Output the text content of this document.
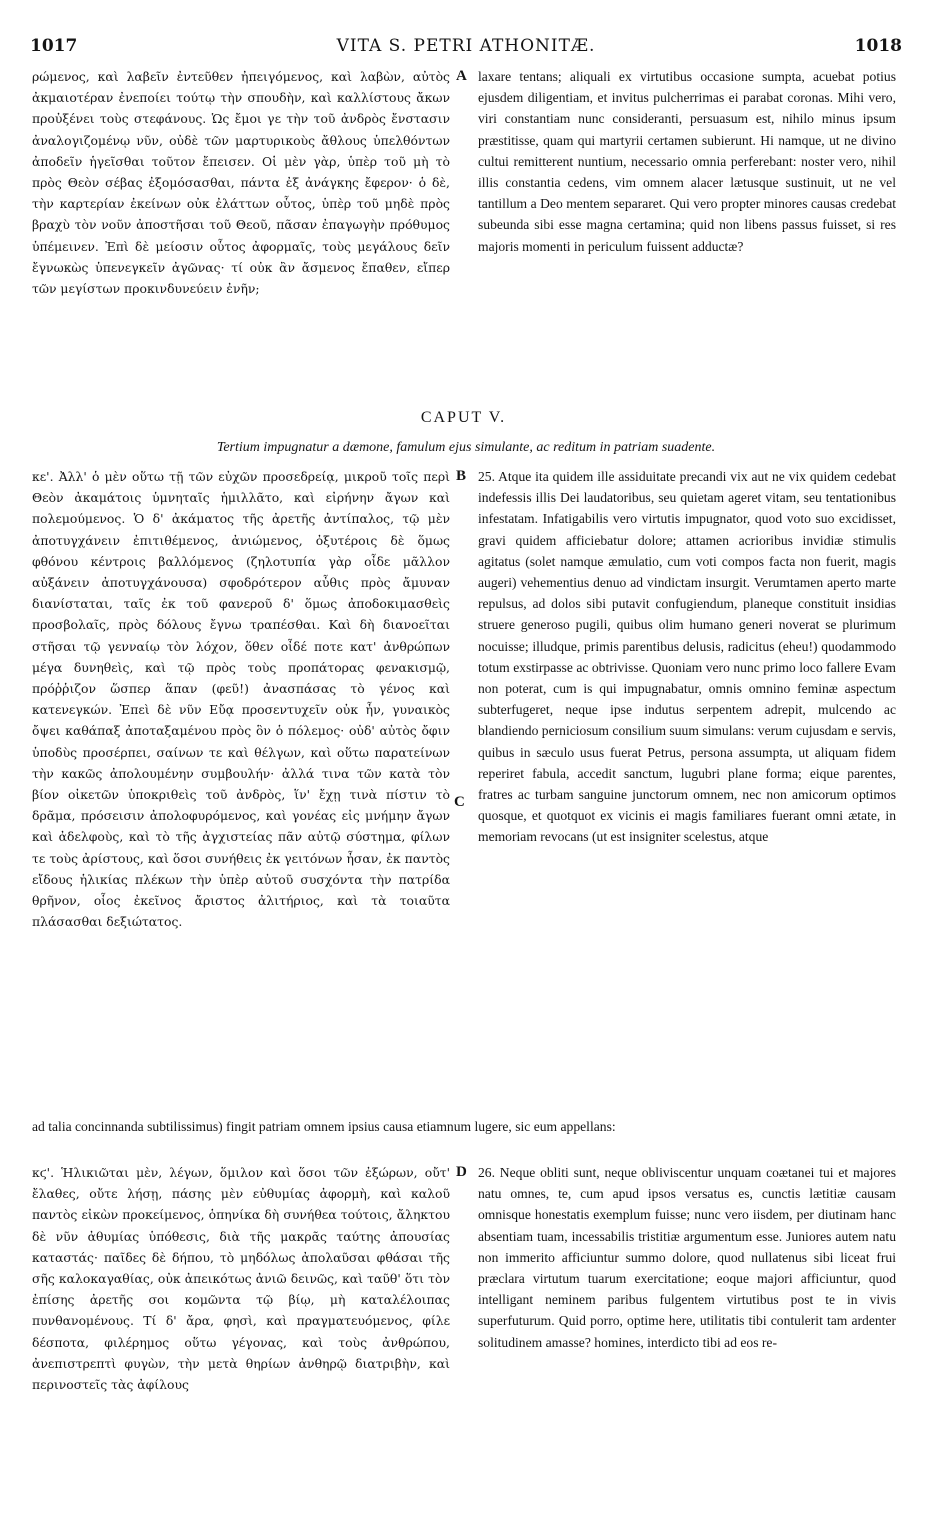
1017	VITA S. PETRI ATHONITÆ.	1018

ρώμενος, καὶ λαβεῖν ἐντεῦθεν ἠπειγόμενος, καὶ λαβὼν, αὐτὸς ἀκμαιοτέραν ἐνεποίει τούτῳ τὴν σπουδὴν, καὶ καλλίστους ἄκων προὐξένει τοὺς στεφάνους. Ὡς ἔμοι γε τὴν τοῦ ἀνδρὸς ἔνστασιν ἀναλογιζομένῳ νῦν, οὐδὲ τῶν μαρτυρικοὺς ἄθλους ὑπελθόντων ἀποδεῖν ἡγεῖσθαι τοῦτον ἔπεισεν. Οἱ μὲν γὰρ, ὑπὲρ τοῦ μὴ τὸ πρὸς Θεὸν σέβας ἐξομόσασθαι, πάντα ἐξ ἀνάγκης ἔφερον· ὁ δὲ, τὴν καρτερίαν ἐκείνων οὐκ ἐλάττων οὗτος, ὑπὲρ τοῦ μηδὲ πρὸς βραχὺ τὸν νοῦν ἀποστῆσαι τοῦ Θεοῦ, πᾶσαν ἐπαγωγὴν πρόθυμος ὑπέμεινεν. Ἐπὶ δὲ μείοσιν οὗτος ἀφορμαῖς, τοὺς μεγάλους δεῖν ἔγνωκὼς ὑπενεγκεῖν ἀγῶνας· τί οὐκ ἂν ἄσμενος ἔπαθεν, εἴπερ τῶν μεγίστων προκινδυνεύειν ἐνῆν;

A laxare tentans; aliquali ex virtutibus occasione sumpta, acuebat potius ejusdem diligentiam, et invitus pulcherrimas ei parabat coronas. Mihi vero, viri constantiam nunc consideranti, persuasum est, nihilo minus ipsum præstitisse, quam qui martyrii certamen subierunt. Hi namque, ut ne divino cultui remitterent nuntium, necessario omnia perferebant: noster vero, nihil illis constantia cedens, vim omnem alacer lætusque sustinuit, ut ne vel tantillum a Deo mentem separaret. Qui vero propter minores causas credebat subeunda sibi esse magna certamina; quid non libens passus fuisset, si res majoris momenti in periculum fuissent adductæ?

CAPUT V.
Tertium impugnatur a dæmone, famulum ejus simulante, ac reditum in patriam suadente.

κε'. Ἀλλ' ὁ μὲν οὕτω τῇ τῶν εὐχῶν προσεδρείᾳ, μικροῦ τοῖς περὶ Θεὸν ἀκαμάτοις ὑμνηταῖς ἡμιλλᾶτο, καὶ εἰρήνην ἄγων καὶ πολεμούμενος. Ὁ δ' ἀκάματος τῆς ἀρετῆς ἀντίπαλος, τῷ μὲν ἀποτυγχάνειν ἐπιτιθέμενος, ἀνιώμενος, ὀξυτέροις δὲ ὅμως φθόνου κέντροις βαλλόμενος (ζηλοτυπία γὰρ οἶδε μᾶλλον αὐξάνειν ἀποτυγχάνουσα) σφοδρότερον αὖθις πρὸς ἄμυναν διανίσταται, ταῖς ἐκ τοῦ φανεροῦ δ' ὅμως ἀποδοκιμασθεὶς προσβολαῖς, πρὸς δόλους ἔγνω τραπέσθαι. Καὶ δὴ διανοεῖται στῆσαι τῷ γενναίῳ τὸν λόχον, ὅθεν οἶδέ ποτε κατ' ἀνθρώπων μέγα δυνηθεὶς, καὶ τῷ πρὸς τοὺς προπάτορας φενακισμῷ, πρόῤῥιζον ὥσπερ ἅπαν (φεῦ!) ἀνασπάσας τὸ γένος καὶ κατενεγκών. Ἐπεὶ δὲ νῦν Εὔᾳ προσεντυχεῖν οὐκ ἦν, γυναικὸς ὄψει καθάπαξ ἀποταξαμένου πρὸς ὃν ὁ πόλεμος· οὐδ' αὐτὸς ὄφιν ὑποδὺς προσέρπει, σαίνων τε καὶ θέλγων, καὶ οὕτω παρατείνων τὴν κακῶς ἀπολουμένην συμβουλήν· ἀλλά τινα τῶν κατὰ τὸν βίον οἰκετῶν ὑποκριθεὶς τοῦ ἀνδρὸς, ἵν' ἔχῃ τινὰ πίστιν τὸ δρᾶμα, πρόσεισιν ἀπολοφυρόμενος, καὶ γονέας εἰς μνήμην ἄγων καὶ ἀδελφοὺς, καὶ τὸ τῆς ἀγχιστείας πᾶν αὐτῷ σύστημα, φίλων τε τοὺς ἀρίστους, καὶ ὅσοι συνήθεις ἐκ γειτόνων ἦσαν, ἐκ παντὸς εἴδους ἡλικίας πλέκων τὴν ὑπὲρ αὐτοῦ συσχόντα τὴν πατρίδα θρῆνον, οἷος ἐκεῖνος ἄριστος ἀλιτήριος, καὶ τὰ τοιαῦτα πλάσασθαι δεξιώτατος.

B
C

25. Atque ita quidem ille assiduitate precandi vix aut ne vix quidem cedebat indefessis illis Dei laudatoribus, seu quietam ageret vitam, seu tentationibus infestatam. Infatigabilis vero virtutis impugnator, quod voto suo excidisset, gravi quidem afficiebatur dolore; attamen acrioribus invidiæ stimulis agitatus (solet namque æmulatio, cum voti compos facta non fuerit, magis augeri) vehementius denuo ad vindictam insurgit. Verumtamen aperto marte repulsus, ad dolos sibi putavit confugiendum, planeque constituit insidias struere generoso pugili, quibus olim humano generi noverat se plurimum nocuisse; illudque, primis parentibus delusis, radicitus (eheu!) quodammodo totum exstirpasse ac obtrivisse. Quoniam vero nunc primo loco fallere Evam non poterat, cum is qui impugnabatur, omnis omnino feminæ aspectum subterfugeret, neque ipse indutus serpentem adrepit, mulcendo ac blandiendo perniciosum consilium suum simulans: verum cujusdam e servis, quibus in sæculo usus fuerat Petrus, persona assumpta, ut aliquam fidem reperiret fabula, accedit sanctum, lugubri plane forma; eique parentes, fratres ac turbam sanguine junctorum omnem, nec non amicorum optimos quosque, et quotquot ex vicinis ei magis familiares fuerant omni ætate, in memoriam revocans (ut est insigniter scelestus, atque

ad talia concinnanda subtilissimus) fingit patriam omnem ipsius causa etiamnum lugere, sic eum appellans:

κϛ'. Ἡλικιῶται μὲν, λέγων, ὅμιλον καὶ ὅσοι τῶν ἐξώρων, οὔτ' ἔλαθες, οὔτε λήσῃ, πάσης μὲν εὐθυμίας ἀφορμὴ, καὶ καλοῦ παντὸς εἰκὼν προκείμενος, ὁπηνίκα δὴ συνήθεα τούτοις, ἄληκτου δὲ νῦν ἀθυμίας ὑπόθεσις, διὰ τῆς μακρᾶς ταύτης ἀπουσίας καταστάς· παῖδες δὲ δήπου, τὸ μηδόλως ἀπολαῦσαι φθάσαι τῆς σῆς καλοκαγαθίας, οὐκ ἀπεικότως ἀνιῶ δεινῶς, καὶ ταῦθ' ὅτι τὸν ἐπίσης ἀρετῆς σοι κομῶντα τῷ βίῳ, μὴ καταλέλοιπας πυνθανομένους. Τί δ' ἄρα, φησὶ, καὶ πραγματευόμενος, φίλε δέσποτα, φιλέρημος οὕτω γέγονας, καὶ τοὺς ἀνθρώπου, ἀνεπιστρεπτὶ φυγὼν, τὴν μετὰ θηρίων ἀνθηρῷ διατριβὴν, καὶ περινοστεῖς τὰς ἀφίλους

D 26. Neque obliti sunt, neque obliviscentur unquam coætanei tui et majores natu omnes, te, cum apud ipsos versatus es, cunctis lætitiæ causam omnisque honestatis exemplum fuisse; nunc vero iisdem, per diutinam hanc absentiam tuam, incessabilis tristitiæ argumentum esse. Juniores autem natu non immerito afficiuntur summo dolore, quod nullatenus sibi liceat frui præclara virtutum tuarum exercitatione; eoque majori afficiuntur, quod intelligant neminem paribus fulgentem virtutibus post te in vivis superfuturum. Quid porro, optime here, utilitatis tibi contulerit tam ardenter solitudinem amasse? homines, interdicto tibi ad eos re-
